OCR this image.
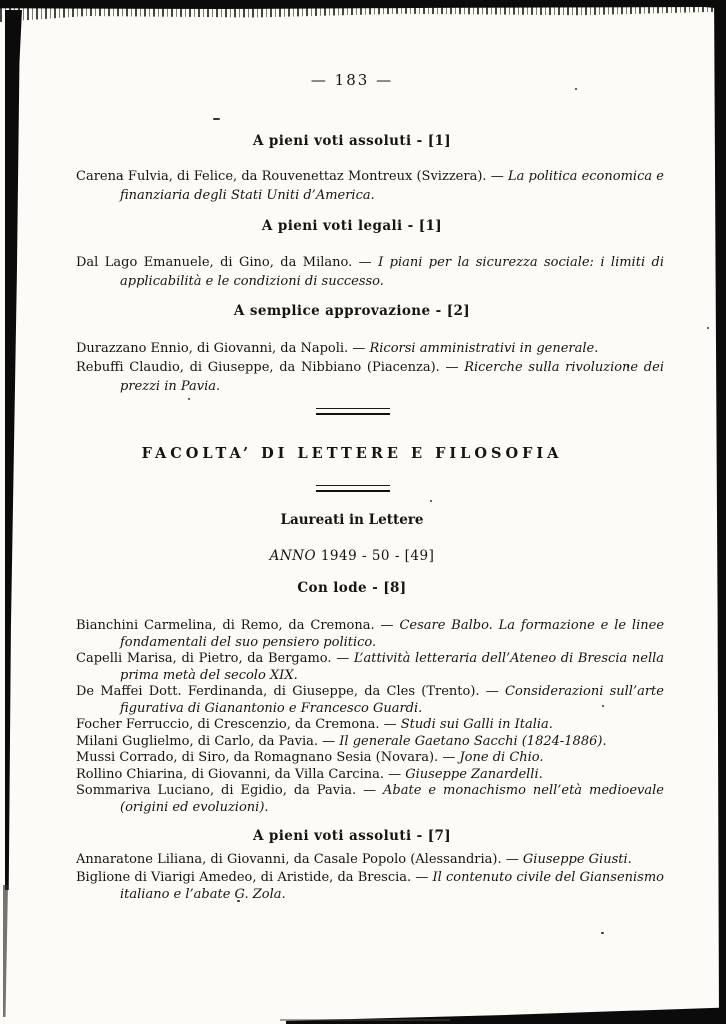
— 183 —
A pieni voti assoluti - [1]
Carena Fulvia, di Felice, da Rouvenettaz Montreux (Svizzera). — La politica economica e finanziaria degli Stati Uniti d’America.
A pieni voti legali - [1]
Dal Lago Emanuele, di Gino, da Milano. — I piani per la sicurezza sociale: i limiti di applicabilità e le condizioni di successo.
A semplice approvazione - [2]
Durazzano Ennio, di Giovanni, da Napoli. — Ricorsi amministrativi in generale.
Rebuffi Claudio, di Giuseppe, da Nibbiano (Piacenza). — Ricerche sulla rivoluzione dei prezzi in Pavia.
FACOLTA’ DI LETTERE E FILOSOFIA
Laureati in Lettere
ANNO 1949 - 50 - [49]
Con lode - [8]
Bianchini Carmelina, di Remo, da Cremona. — Cesare Balbo. La formazione e le linee fondamentali del suo pensiero politico.
Capelli Marisa, di Pietro, da Bergamo. — L’attività letteraria dell’Ateneo di Brescia nella prima metà del secolo XIX.
De Maffei Dott. Ferdinanda, di Giuseppe, da Cles (Trento). — Considerazioni sull’arte figurativa di Gianantonio e Francesco Guardi.
Focher Ferruccio, di Crescenzio, da Cremona. — Studi sui Galli in Italia.
Milani Guglielmo, di Carlo, da Pavia. — Il generale Gaetano Sacchi (1824-1886).
Mussi Corrado, di Siro, da Romagnano Sesia (Novara). — Jone di Chio.
Rollino Chiarina, di Giovanni, da Villa Carcina. — Giuseppe Zanardelli.
Sommariva Luciano, di Egidio, da Pavia. — Abate e monachismo nell’età medioevale (origini ed evoluzioni).
A pieni voti assoluti - [7]
Annaratone Liliana, di Giovanni, da Casale Popolo (Alessandria). — Giuseppe Giusti.
Biglione di Viarigi Amedeo, di Aristide, da Brescia. — Il contenuto civile del Giansenismo italiano e l’abate G. Zola.
